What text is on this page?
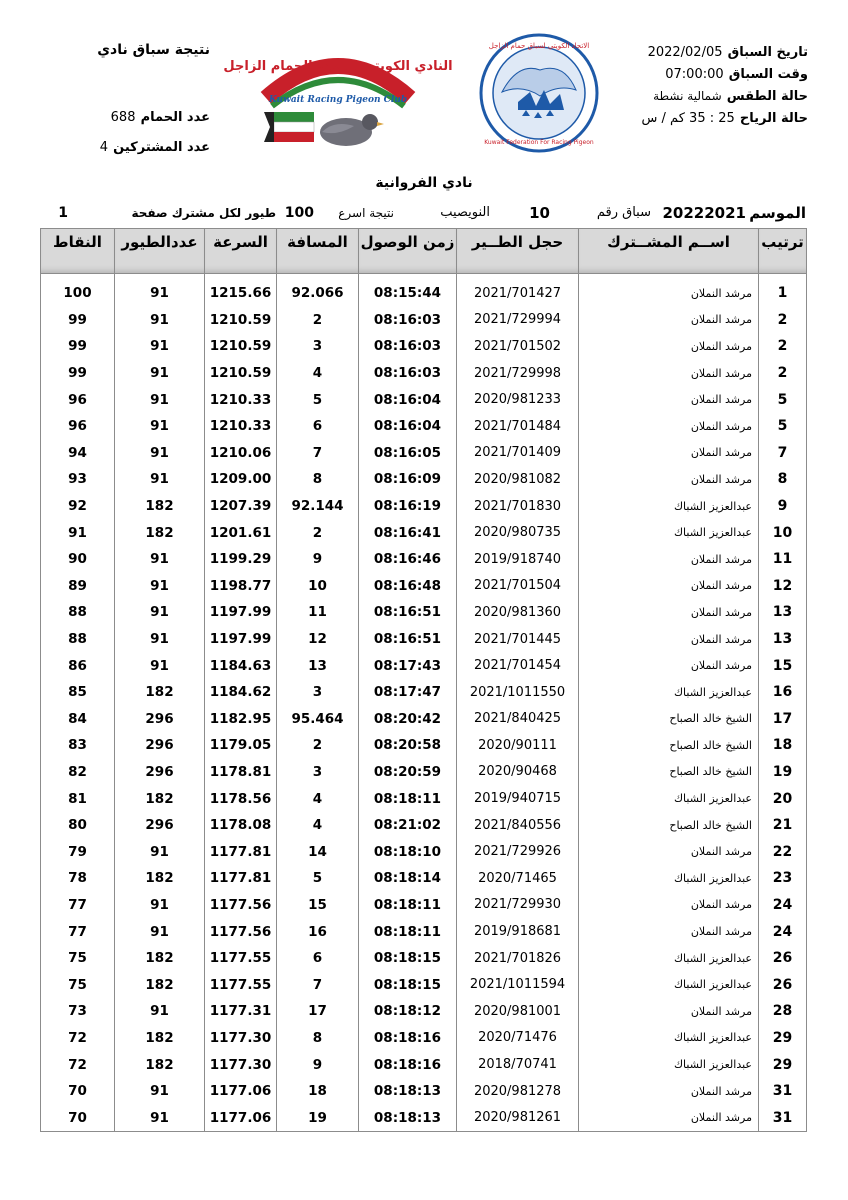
تاريخ السباق 2022/02/05
وقت السباق 07:00:00
حالة الطقس شمالية نشطة
حالة الرياح 25 : 35 كم / س
Kuwait Federation For Racing Pigeon
الاتحاد الكويتي لسباق حمام الزاجل
النادي الكويتي لسباق الحمام الزاجل
Kuwait Racing Pigeon Club
نتيجة سباق نادي
عدد الحمام 688
عدد المشتركين 4
نادي الفروانية
الموسم
20222021
سباق رقم
10
النويصيب
نتيجة اسرع
100
طيور لكل مشترك صفحة
1
ترتيب	اســم المشــترك	حجل الطــير	زمن الوصول	المسافة	السرعة	عددالطيور	النقاط

1	مرشد النملان	2021/701427	08:15:44	92.066	1215.66	91	100
2	مرشد النملان	2021/729994	08:16:03	2	1210.59	91	99
2	مرشد النملان	2021/701502	08:16:03	3	1210.59	91	99
2	مرشد النملان	2021/729998	08:16:03	4	1210.59	91	99
5	مرشد النملان	2020/981233	08:16:04	5	1210.33	91	96
5	مرشد النملان	2021/701484	08:16:04	6	1210.33	91	96
7	مرشد النملان	2021/701409	08:16:05	7	1210.06	91	94
8	مرشد النملان	2020/981082	08:16:09	8	1209.00	91	93
9	عبدالعزيز الشباك	2021/701830	08:16:19	92.144	1207.39	182	92
10	عبدالعزيز الشباك	2020/980735	08:16:41	2	1201.61	182	91
11	مرشد النملان	2019/918740	08:16:46	9	1199.29	91	90
12	مرشد النملان	2021/701504	08:16:48	10	1198.77	91	89
13	مرشد النملان	2020/981360	08:16:51	11	1197.99	91	88
13	مرشد النملان	2021/701445	08:16:51	12	1197.99	91	88
15	مرشد النملان	2021/701454	08:17:43	13	1184.63	91	86
16	عبدالعزيز الشباك	2021/1011550	08:17:47	3	1184.62	182	85
17	الشيخ خالد الصباح	2021/840425	08:20:42	95.464	1182.95	296	84
18	الشيخ خالد الصباح	2020/90111	08:20:58	2	1179.05	296	83
19	الشيخ خالد الصباح	2020/90468	08:20:59	3	1178.81	296	82
20	عبدالعزيز الشباك	2019/940715	08:18:11	4	1178.56	182	81
21	الشيخ خالد الصباح	2021/840556	08:21:02	4	1178.08	296	80
22	مرشد النملان	2021/729926	08:18:10	14	1177.81	91	79
23	عبدالعزيز الشباك	2020/71465	08:18:14	5	1177.81	182	78
24	مرشد النملان	2021/729930	08:18:11	15	1177.56	91	77
24	مرشد النملان	2019/918681	08:18:11	16	1177.56	91	77
26	عبدالعزيز الشباك	2021/701826	08:18:15	6	1177.55	182	75
26	عبدالعزيز الشباك	2021/1011594	08:18:15	7	1177.55	182	75
28	مرشد النملان	2020/981001	08:18:12	17	1177.31	91	73
29	عبدالعزيز الشباك	2020/71476	08:18:16	8	1177.30	182	72
29	عبدالعزيز الشباك	2018/70741	08:18:16	9	1177.30	182	72
31	مرشد النملان	2020/981278	08:18:13	18	1177.06	91	70
31	مرشد النملان	2020/981261	08:18:13	19	1177.06	91	70
